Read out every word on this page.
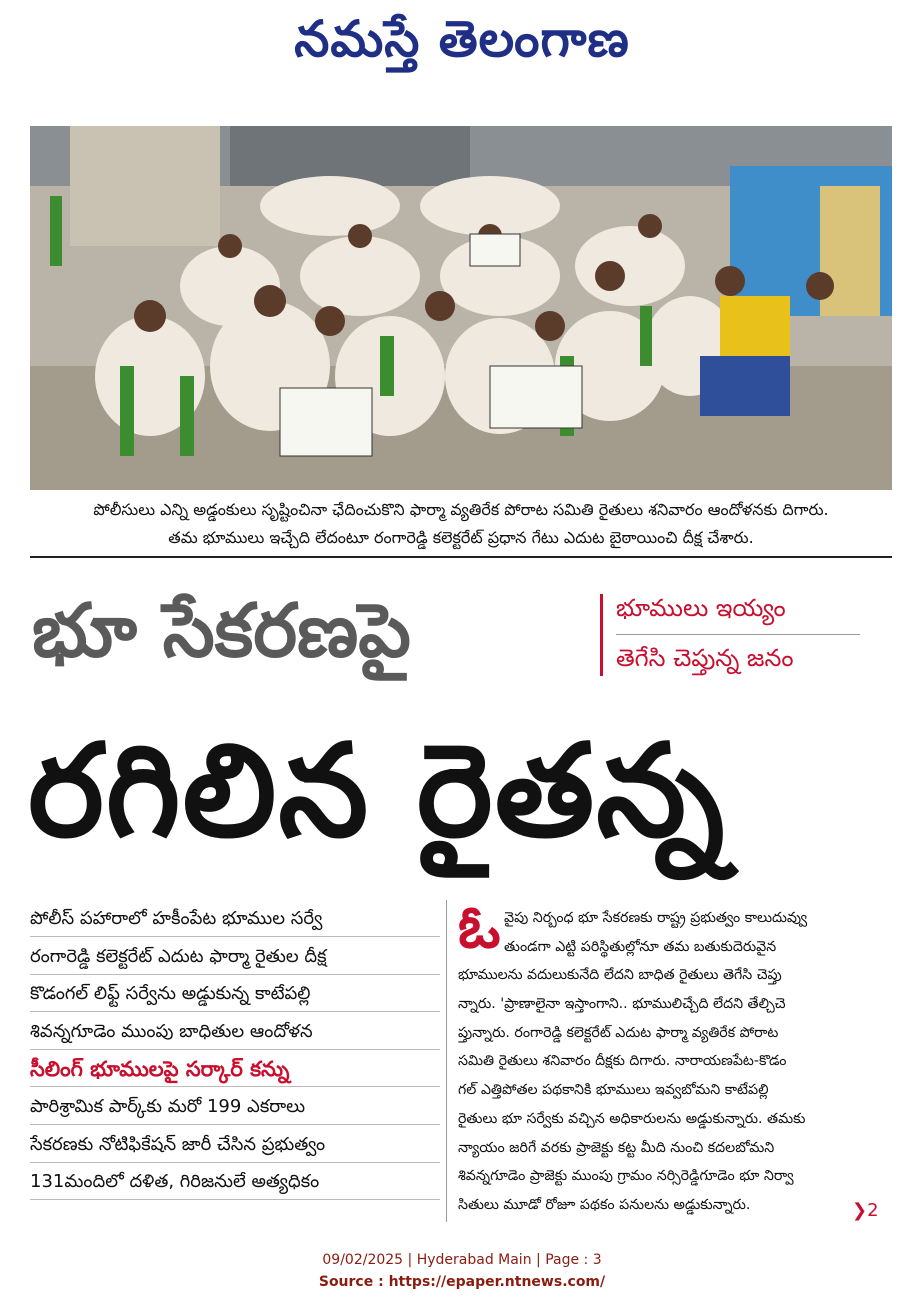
నమస్తే తెలంగాణ
పోలీసులు ఎన్ని అడ్డంకులు సృష్టించినా ఛేదించుకొని ఫార్మా వ్యతిరేక పోరాట సమితి రైతులు శనివారం ఆందోళనకు దిగారు.
తమ భూములు ఇచ్చేది లేదంటూ రంగారెడ్డి కలెక్టరేట్‌ ప్రధాన గేటు ఎదుట బైఠాయించి దీక్ష చేశారు.
భూ సేకరణపై	భూములు ఇయ్యం
తెగేసి చెప్తున్న జనం
రగిలిన రైతన్న
పోలీస్‌ పహారాలో హకీంపేట భూముల సర్వే
రంగారెడ్డి కలెక్టరేట్‌ ఎదుట ఫార్మా రైతుల దీక్ష
కొడంగల్‌ లిఫ్ట్‌ సర్వేను అడ్డుకున్న కాటేపల్లి
శివన్నగూడెం ముంపు బాధితుల ఆందోళన
సీలింగ్‌ భూములపై సర్కార్‌ కన్ను
పారిశ్రామిక పార్క్‌కు మరో 199 ఎకరాలు
సేకరణకు నోటిఫికేషన్‌ జారీ చేసిన ప్రభుత్వం
131మందిలో దళిత, గిరిజనులే అత్యధికం
ఓ వైపు నిర్బంధ భూ సేకరణకు రాష్ట్ర ప్రభుత్వం కాలుదువ్వు
తుండగా ఎట్టి పరిస్థితుల్లోనూ తమ బతుకుదెరువైన
భూములను వదులుకునేది లేదని బాధిత రైతులు తెగేసి చెప్తు
న్నారు. 'ప్రాణాలైనా ఇస్తాంగాని.. భూములిచ్చేది లేదని తేల్చిచె
ప్తున్నారు. రంగారెడ్డి కలెక్టరేట్‌ ఎదుట ఫార్మా వ్యతిరేక పోరాట
సమితి రైతులు శనివారం దీక్షకు దిగారు. నారాయణపేట-కొడం
గల్‌ ఎత్తిపోతల పథకానికి భూములు ఇవ్వబోమని కాటేపల్లి
రైతులు భూ సర్వేకు వచ్చిన అధికారులను అడ్డుకున్నారు. తమకు
న్యాయం జరిగే వరకు ప్రాజెక్టు కట్ట మీది నుంచి కదలబోమని
శివన్నగూడెం ప్రాజెక్టు ముంపు గ్రామం నర్సిరెడ్డిగూడెం భూ నిర్వా
సితులు మూడో రోజూ పథకం పనులను అడ్డుకున్నారు.	❯2
09/02/2025 | Hyderabad Main | Page : 3
Source : https://epaper.ntnews.com/
